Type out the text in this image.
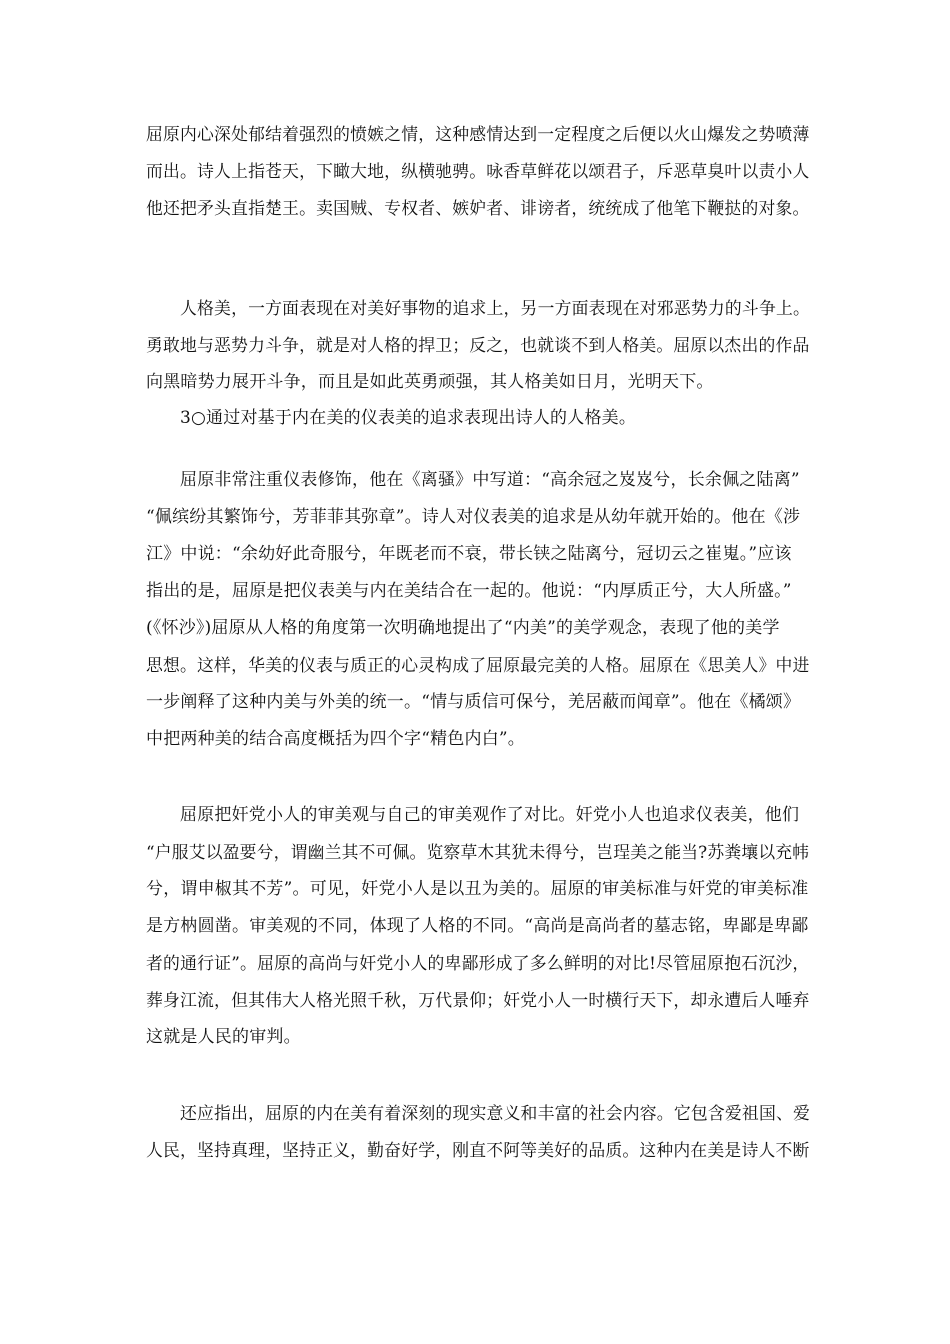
屈原内心深处郁结着强烈的愤嫉之情，这种感情达到一定程度之后便以火山爆发之势喷薄
而出。诗人上指苍天，下瞰大地，纵横驰骋。咏香草鲜花以颂君子，斥恶草臭叶以责小人
他还把矛头直指楚王。卖国贼、专权者、嫉妒者、诽谤者，统统成了他笔下鞭挞的对象。
人格美，一方面表现在对美好事物的追求上，另一方面表现在对邪恶势力的斗争上。
勇敢地与恶势力斗争，就是对人格的捍卫；反之，也就谈不到人格美。屈原以杰出的作品
向黑暗势力展开斗争，而且是如此英勇顽强，其人格美如日月，光明天下。
3○通过对基于内在美的仪表美的追求表现出诗人的人格美。
屈原非常注重仪表修饰，他在《离骚》中写道：“高余冠之岌岌兮，长余佩之陆离”
“佩缤纷其繁饰兮，芳菲菲其弥章”。诗人对仪表美的追求是从幼年就开始的。他在《涉
江》中说：“余幼好此奇服兮，年既老而不衰，带长铗之陆离兮，冠切云之崔嵬。”应该
指出的是，屈原是把仪表美与内在美结合在一起的。他说：“内厚质正兮，大人所盛。”
(《怀沙》)屈原从人格的角度第一次明确地提出了“内美”的美学观念，表现了他的美学
思想。这样，华美的仪表与质正的心灵构成了屈原最完美的人格。屈原在《思美人》中进
一步阐释了这种内美与外美的统一。“情与质信可保兮，羌居蔽而闻章”。他在《橘颂》
中把两种美的结合高度概括为四个字“精色内白”。
屈原把奸党小人的审美观与自己的审美观作了对比。奸党小人也追求仪表美，他们
“户服艾以盈要兮，谓幽兰其不可佩。览察草木其犹未得兮，岂珵美之能当?苏粪壤以充帏
兮，谓申椒其不芳”。可见，奸党小人是以丑为美的。屈原的审美标准与奸党的审美标准
是方枘圆凿。审美观的不同，体现了人格的不同。“高尚是高尚者的墓志铭，卑鄙是卑鄙
者的通行证”。屈原的高尚与奸党小人的卑鄙形成了多么鲜明的对比!尽管屈原抱石沉沙，
葬身江流，但其伟大人格光照千秋，万代景仰；奸党小人一时横行天下，却永遭后人唾弃
这就是人民的审判。
还应指出，屈原的内在美有着深刻的现实意义和丰富的社会内容。它包含爱祖国、爱
人民，坚持真理，坚持正义，勤奋好学，刚直不阿等美好的品质。这种内在美是诗人不断
